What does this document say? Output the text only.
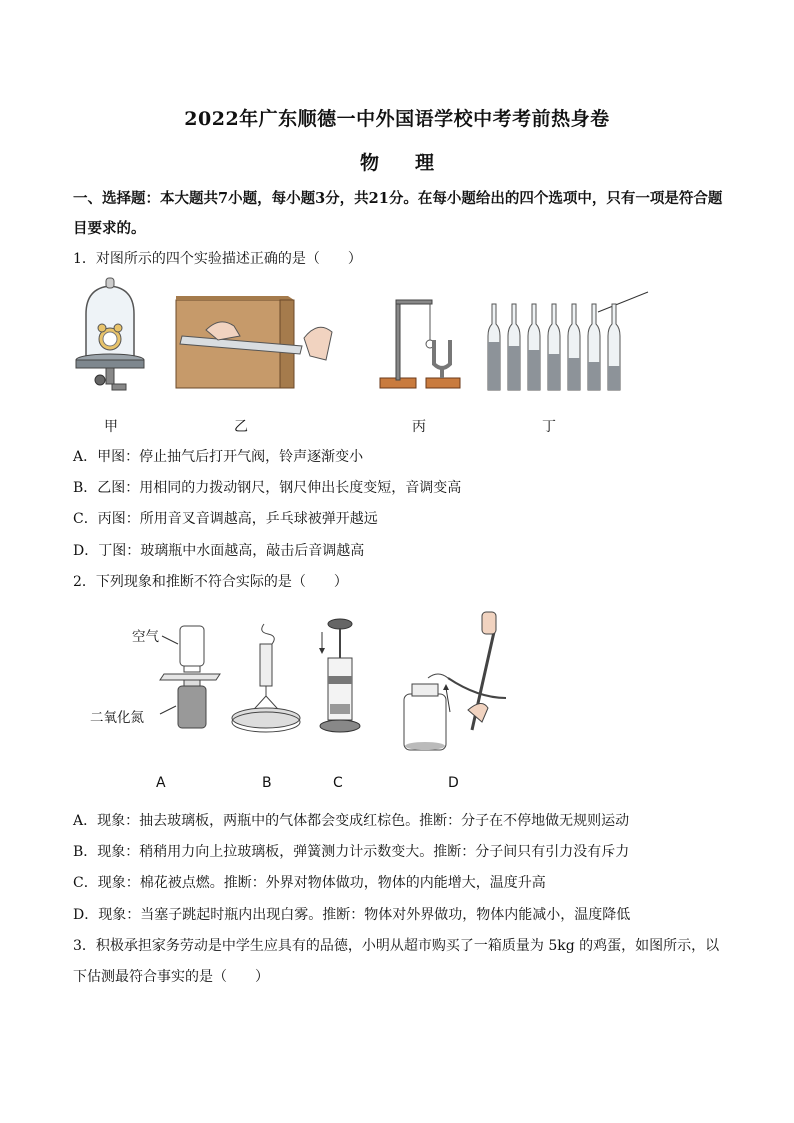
2022年广东顺德一中外国语学校中考考前热身卷
物 理
一、选择题：本大题共7小题，每小题3分，共21分。在每小题给出的四个选项中，只有一项是符合题目要求的。
1．对图所示的四个实验描述正确的是（　　）
甲	乙	丙	丁
A．甲图：停止抽气后打开气阀，铃声逐渐变小
B．乙图：用相同的力拨动钢尺，钢尺伸出长度变短，音调变高
C．丙图：所用音叉音调越高，乒乓球被弹开越远
D．丁图：玻璃瓶中水面越高，敲击后音调越高
2．下列现象和推断不符合实际的是（　　）
空气
二氧化氮
A	B	C	D
A．现象：抽去玻璃板，两瓶中的气体都会变成红棕色。推断：分子在不停地做无规则运动
B．现象：稍稍用力向上拉玻璃板，弹簧测力计示数变大。推断：分子间只有引力没有斥力
C．现象：棉花被点燃。推断：外界对物体做功，物体的内能增大，温度升高
D．现象：当塞子跳起时瓶内出现白雾。推断：物体对外界做功，物体内能减小，温度降低
3．积极承担家务劳动是中学生应具有的品德，小明从超市购买了一箱质量为 5kg 的鸡蛋，如图所示，以
下估测最符合事实的是（　　）
